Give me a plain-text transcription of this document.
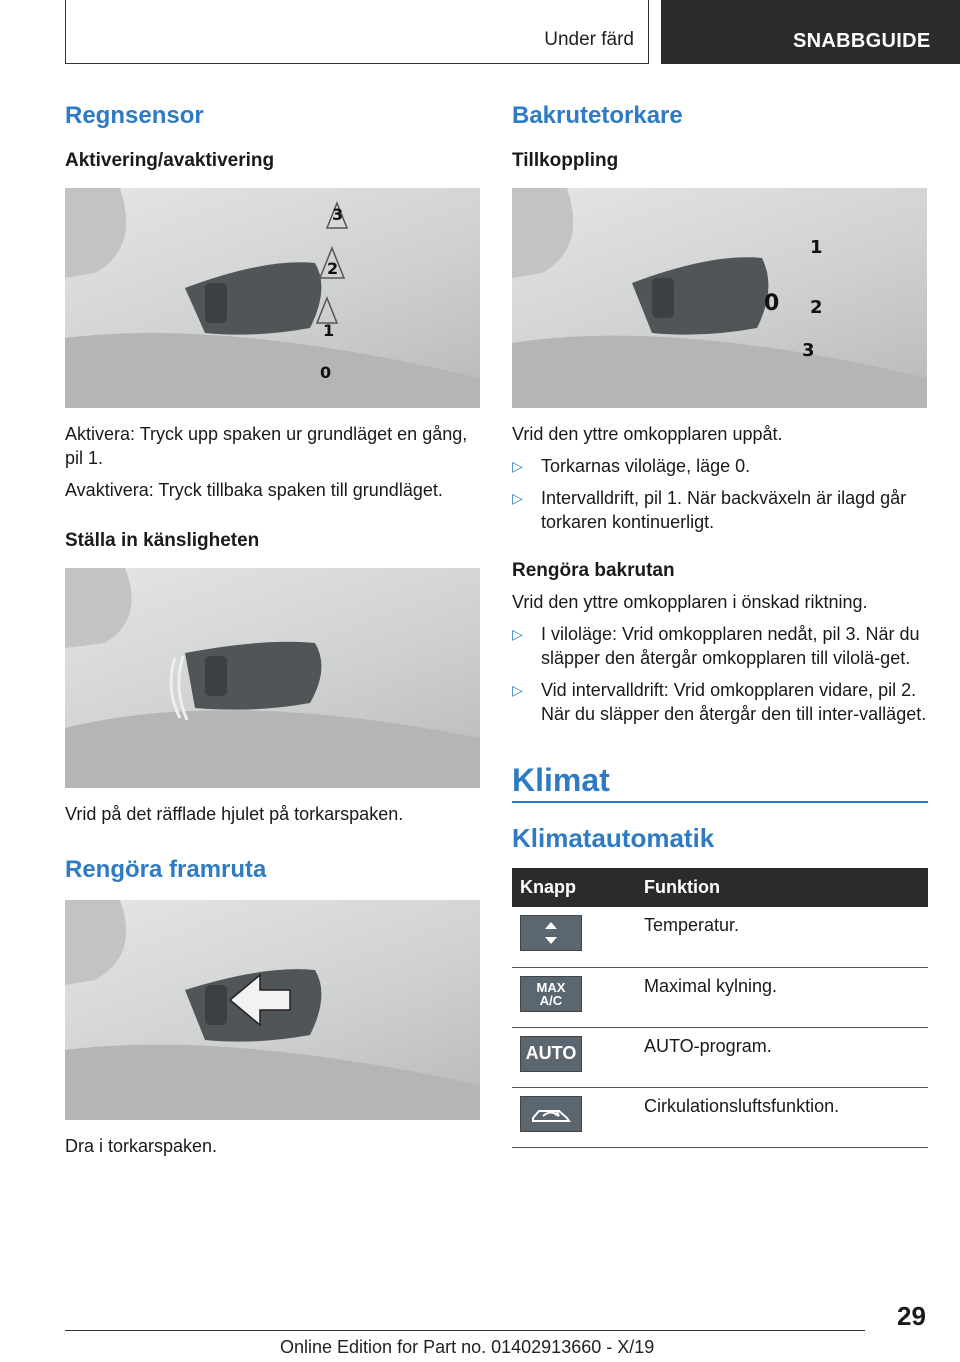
Under färd	SNABBGUIDE
Regnsensor
Aktivering/avaktivering
3
2
1
0

Aktivera: Tryck upp spaken ur grundläget en gång, pil 1.

Avaktivera: Tryck tillbaka spaken till grundläget.

Ställa in känsligheten

Vrid på det räfflade hjulet på torkarspaken.

Rengöra framruta

Dra i torkarspaken.

Bakrutetorkare
Tillkoppling
1
0 2
3

Vrid den yttre omkopplaren uppåt.

▷ Torkarnas viloläge, läge 0.
▷ Intervalldrift, pil 1. När backväxeln är ilagd går torkaren kontinuerligt.
Rengöra bakrutan

Vrid den yttre omkopplaren i önskad riktning.

▷ I viloläge: Vrid omkopplaren nedåt, pil 3. När du släpper den återgår omkopplaren till vilolä-get.
▷ Vid intervalldrift: Vrid omkopplaren vidare, pil 2. När du släpper den återgår den till inter-valläget.
Klimat
Klimatautomatik
Knapp	Funktion

	Temperatur.

MAX
A/C	Maximal kylning.

AUTO	AUTO-program.

	Cirkulationsluftsfunktion.
29
Online Edition for Part no. 01402913660 - X/19
